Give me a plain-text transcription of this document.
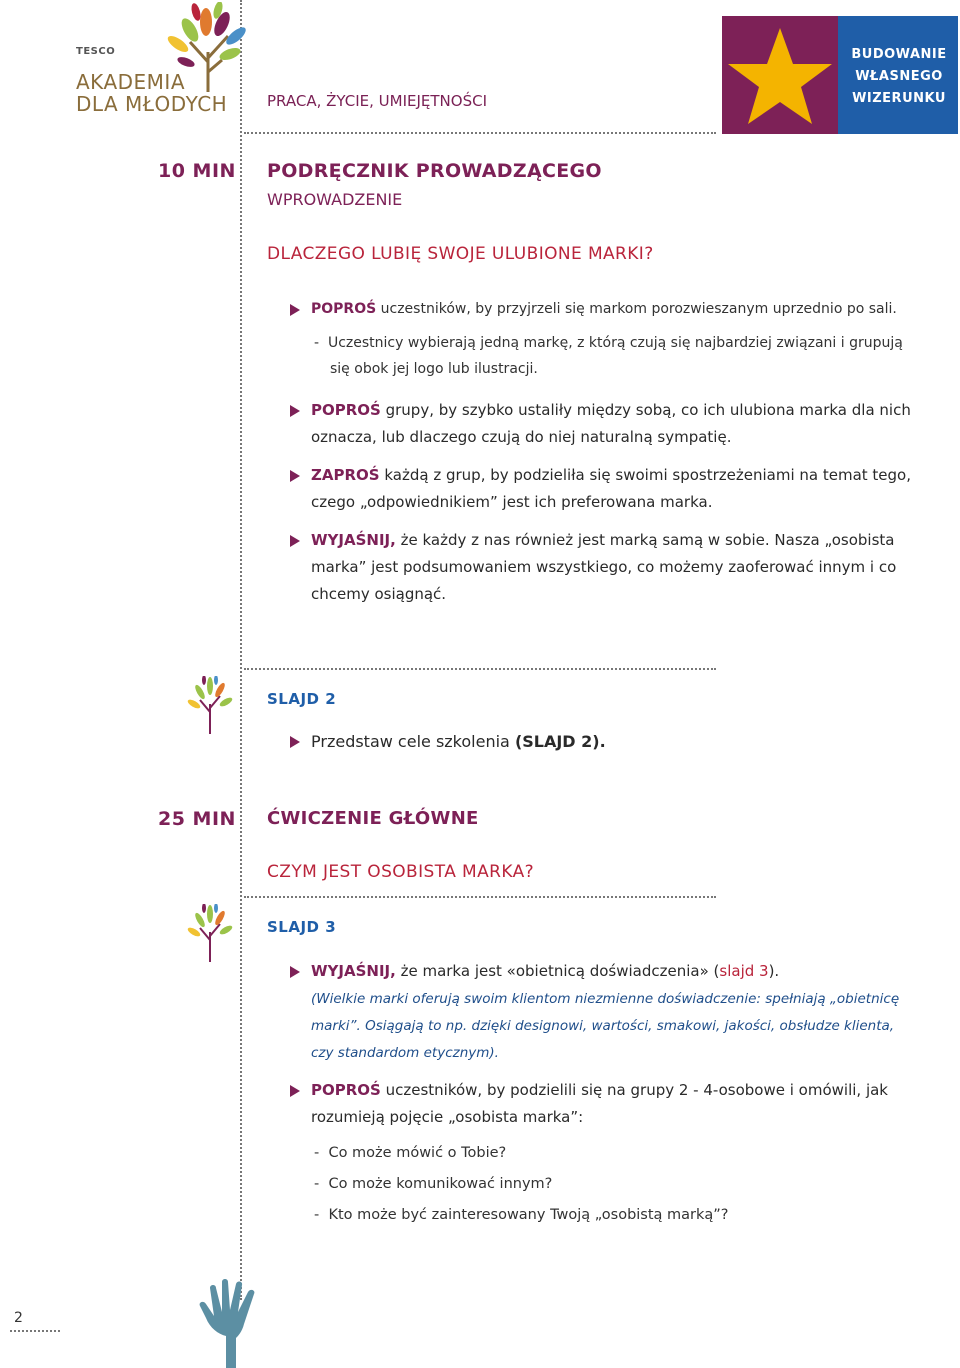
TESCO
AKADEMIA
DLA MŁODYCH	PRACA, ŻYCIE, UMIEJĘTNOŚCI
BUDOWANIE
WŁASNEGO
WIZERUNKU
10 MIN PODRĘCZNIK PROWADZĄCEGO
WPROWADZENIE
DLACZEGO LUBIĘ SWOJE ULUBIONE MARKI?
POPROŚ uczestników, by przyjrzeli się markom porozwieszanym uprzednio po sali.
-  Uczestnicy wybierają jedną markę, z którą czują się najbardziej związani i grupują
się obok jej logo lub ilustracji.
POPROŚ grupy, by szybko ustaliły między sobą, co ich ulubiona marka dla nich oznacza, lub dlaczego czują do niej naturalną sympatię.
ZAPROŚ każdą z grup, by podzieliła się swoimi spostrzeżeniami na temat tego, czego „odpowiednikiem” jest ich preferowana marka.
WYJAŚNIJ, że każdy z nas również jest marką samą w sobie. Nasza „osobista marka” jest podsumowaniem wszystkiego, co możemy zaoferować innym i co chcemy osiągnąć.
SLAJD 2
Przedstaw cele szkolenia (SLAJD 2).
25 MIN ĆWICZENIE GŁÓWNE
CZYM JEST OSOBISTA MARKA?
SLAJD 3
WYJAŚNIJ, że marka jest «obietnicą doświadczenia» (slajd 3).
(Wielkie marki oferują swoim klientom niezmienne doświadczenie: spełniają „obietnicę marki”. Osiągają to np. dzięki designowi, wartości, smakowi, jakości, obsłudze klienta, czy standardom etycznym).
POPROŚ uczestników, by podzielili się na grupy 2 - 4-osobowe i omówili, jak rozumieją pojęcie „osobista marka”:
-  Co może mówić o Tobie?
-  Co może komunikować innym?
-  Kto może być zainteresowany Twoją „osobistą marką”?
2
